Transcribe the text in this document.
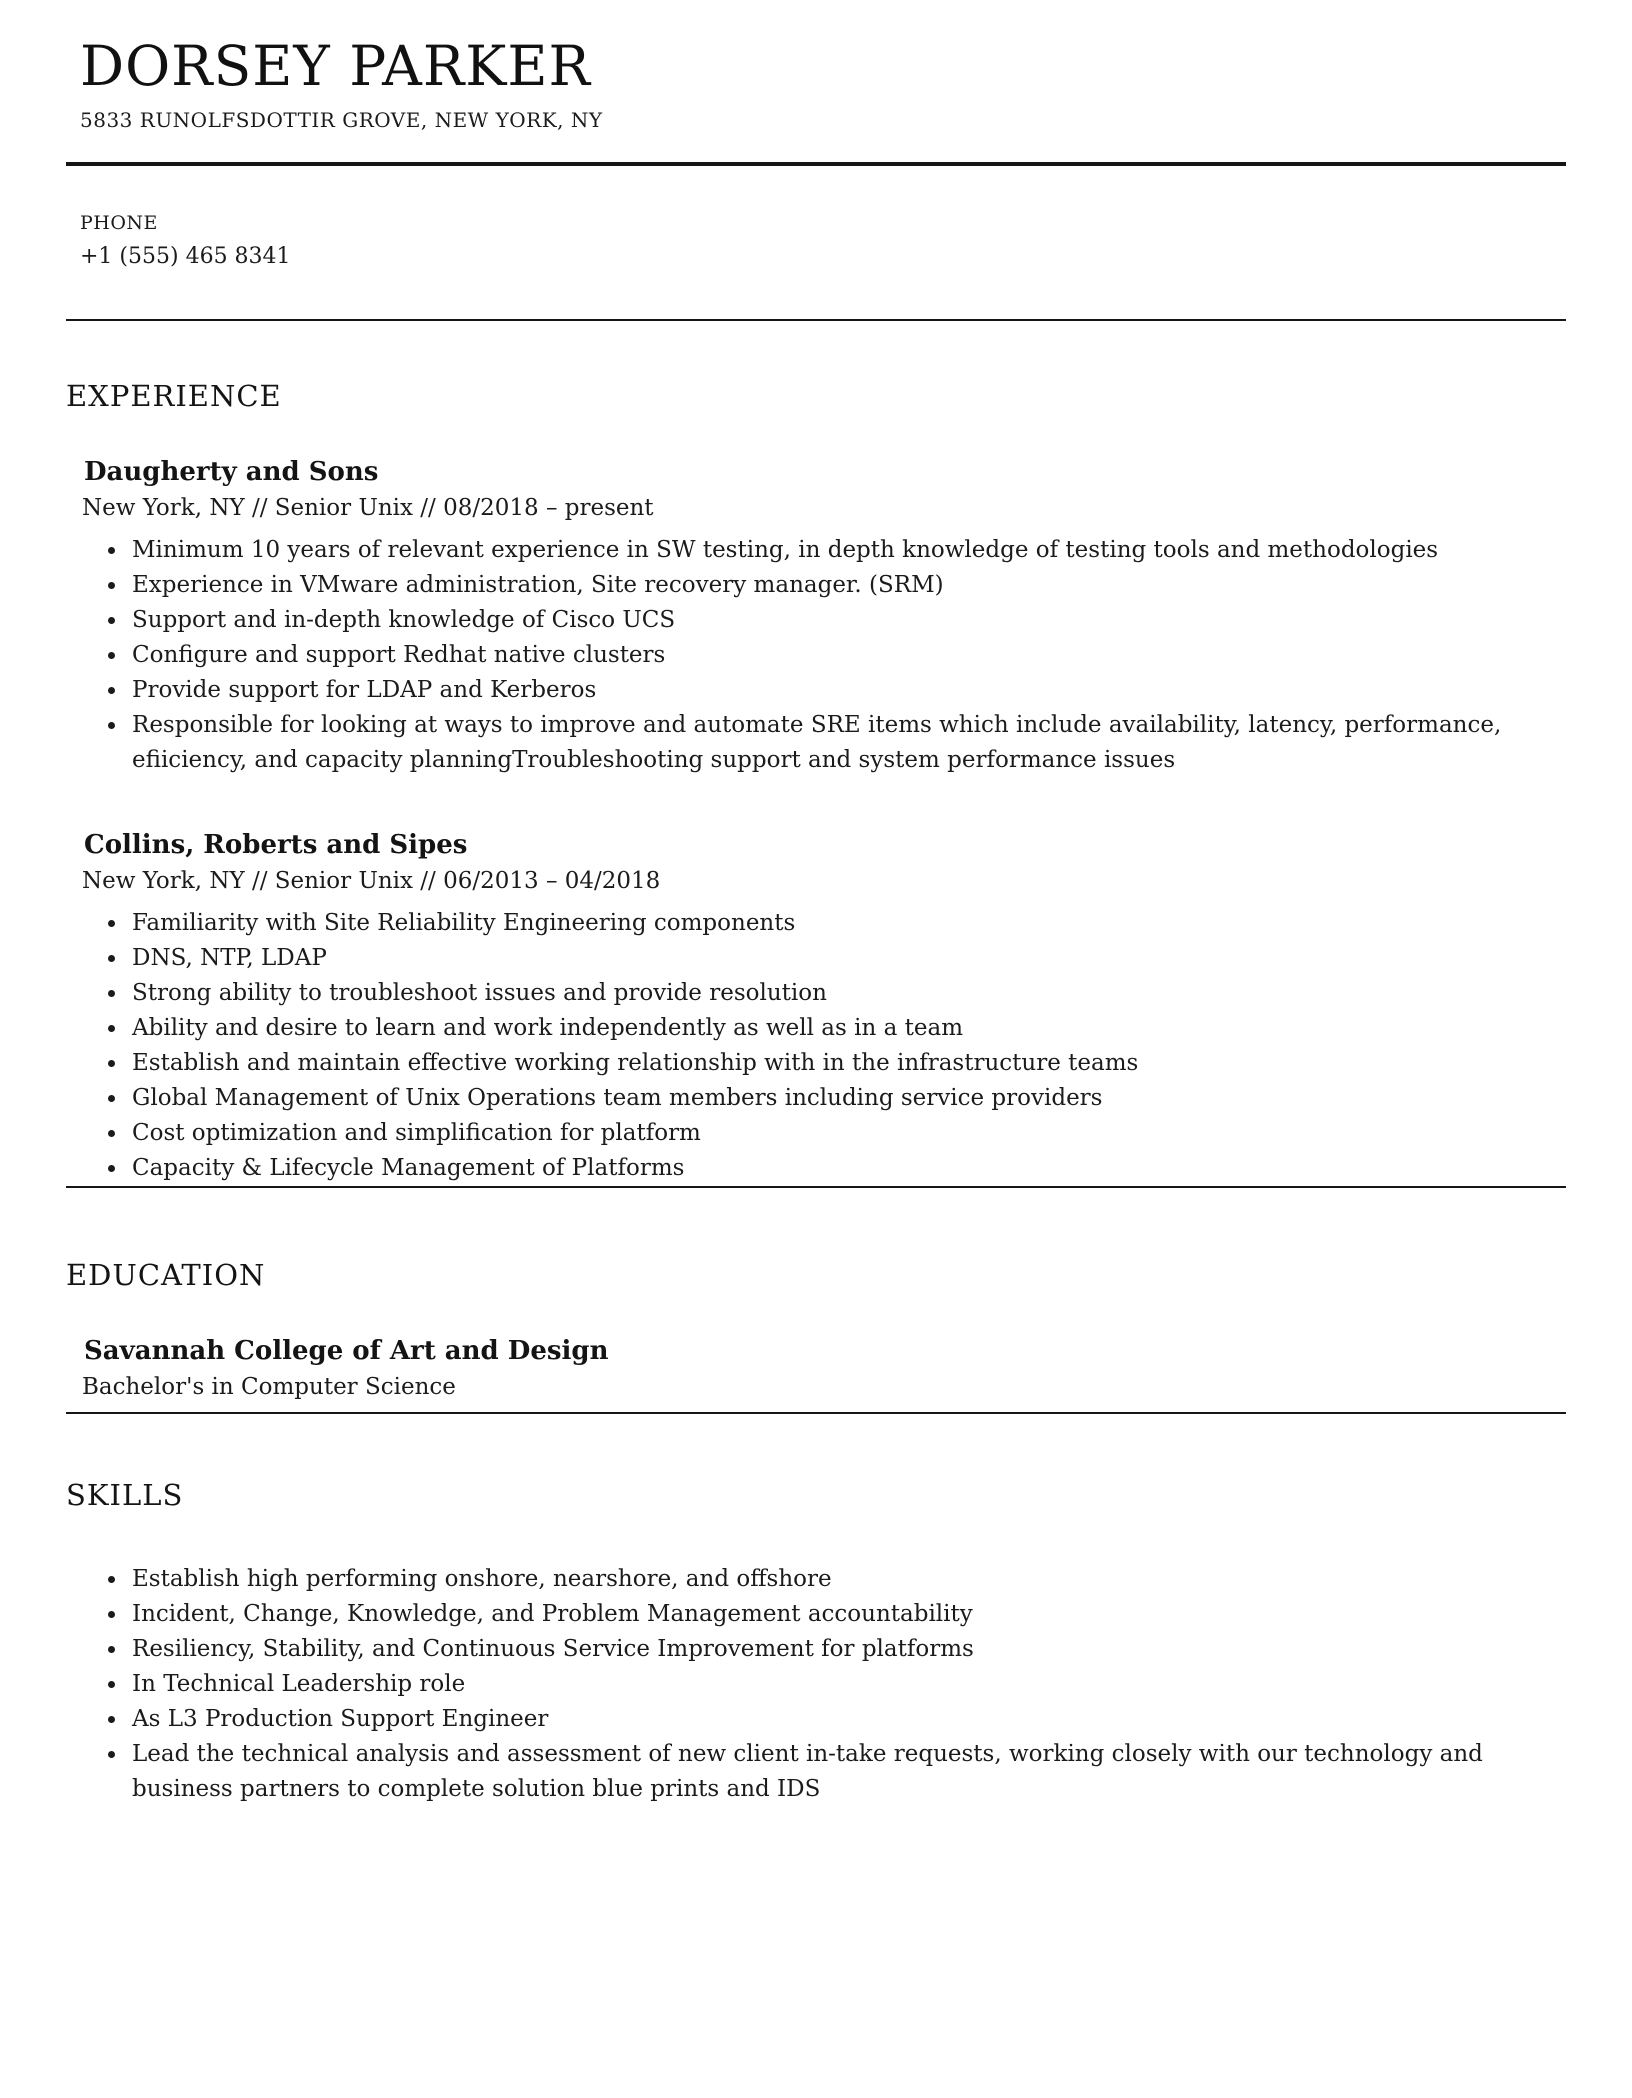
DORSEY PARKER
5833 RUNOLFSDOTTIR GROVE, NEW YORK, NY
PHONE
+1 (555) 465 8341
EXPERIENCE
Daugherty and Sons
New York, NY // Senior Unix // 08/2018 – present
• Minimum 10 years of relevant experience in SW testing, in depth knowledge of testing tools and methodologies
• Experience in VMware administration, Site recovery manager. (SRM)
• Support and in-depth knowledge of Cisco UCS
• Configure and support Redhat native clusters
• Provide support for LDAP and Kerberos
• Responsible for looking at ways to improve and automate SRE items which include availability, latency, performance, efiiciency, and capacity planningTroubleshooting support and system performance issues
Collins, Roberts and Sipes
New York, NY // Senior Unix // 06/2013 – 04/2018
• Familiarity with Site Reliability Engineering components
• DNS, NTP, LDAP
• Strong ability to troubleshoot issues and provide resolution
• Ability and desire to learn and work independently as well as in a team
• Establish and maintain effective working relationship with in the infrastructure teams
• Global Management of Unix Operations team members including service providers
• Cost optimization and simplification for platform
• Capacity & Lifecycle Management of Platforms
EDUCATION
Savannah College of Art and Design
Bachelor's in Computer Science
SKILLS
• Establish high performing onshore, nearshore, and offshore
• Incident, Change, Knowledge, and Problem Management accountability
• Resiliency, Stability, and Continuous Service Improvement for platforms
• In Technical Leadership role
• As L3 Production Support Engineer
• Lead the technical analysis and assessment of new client in-take requests, working closely with our technology and business partners to complete solution blue prints and IDS
